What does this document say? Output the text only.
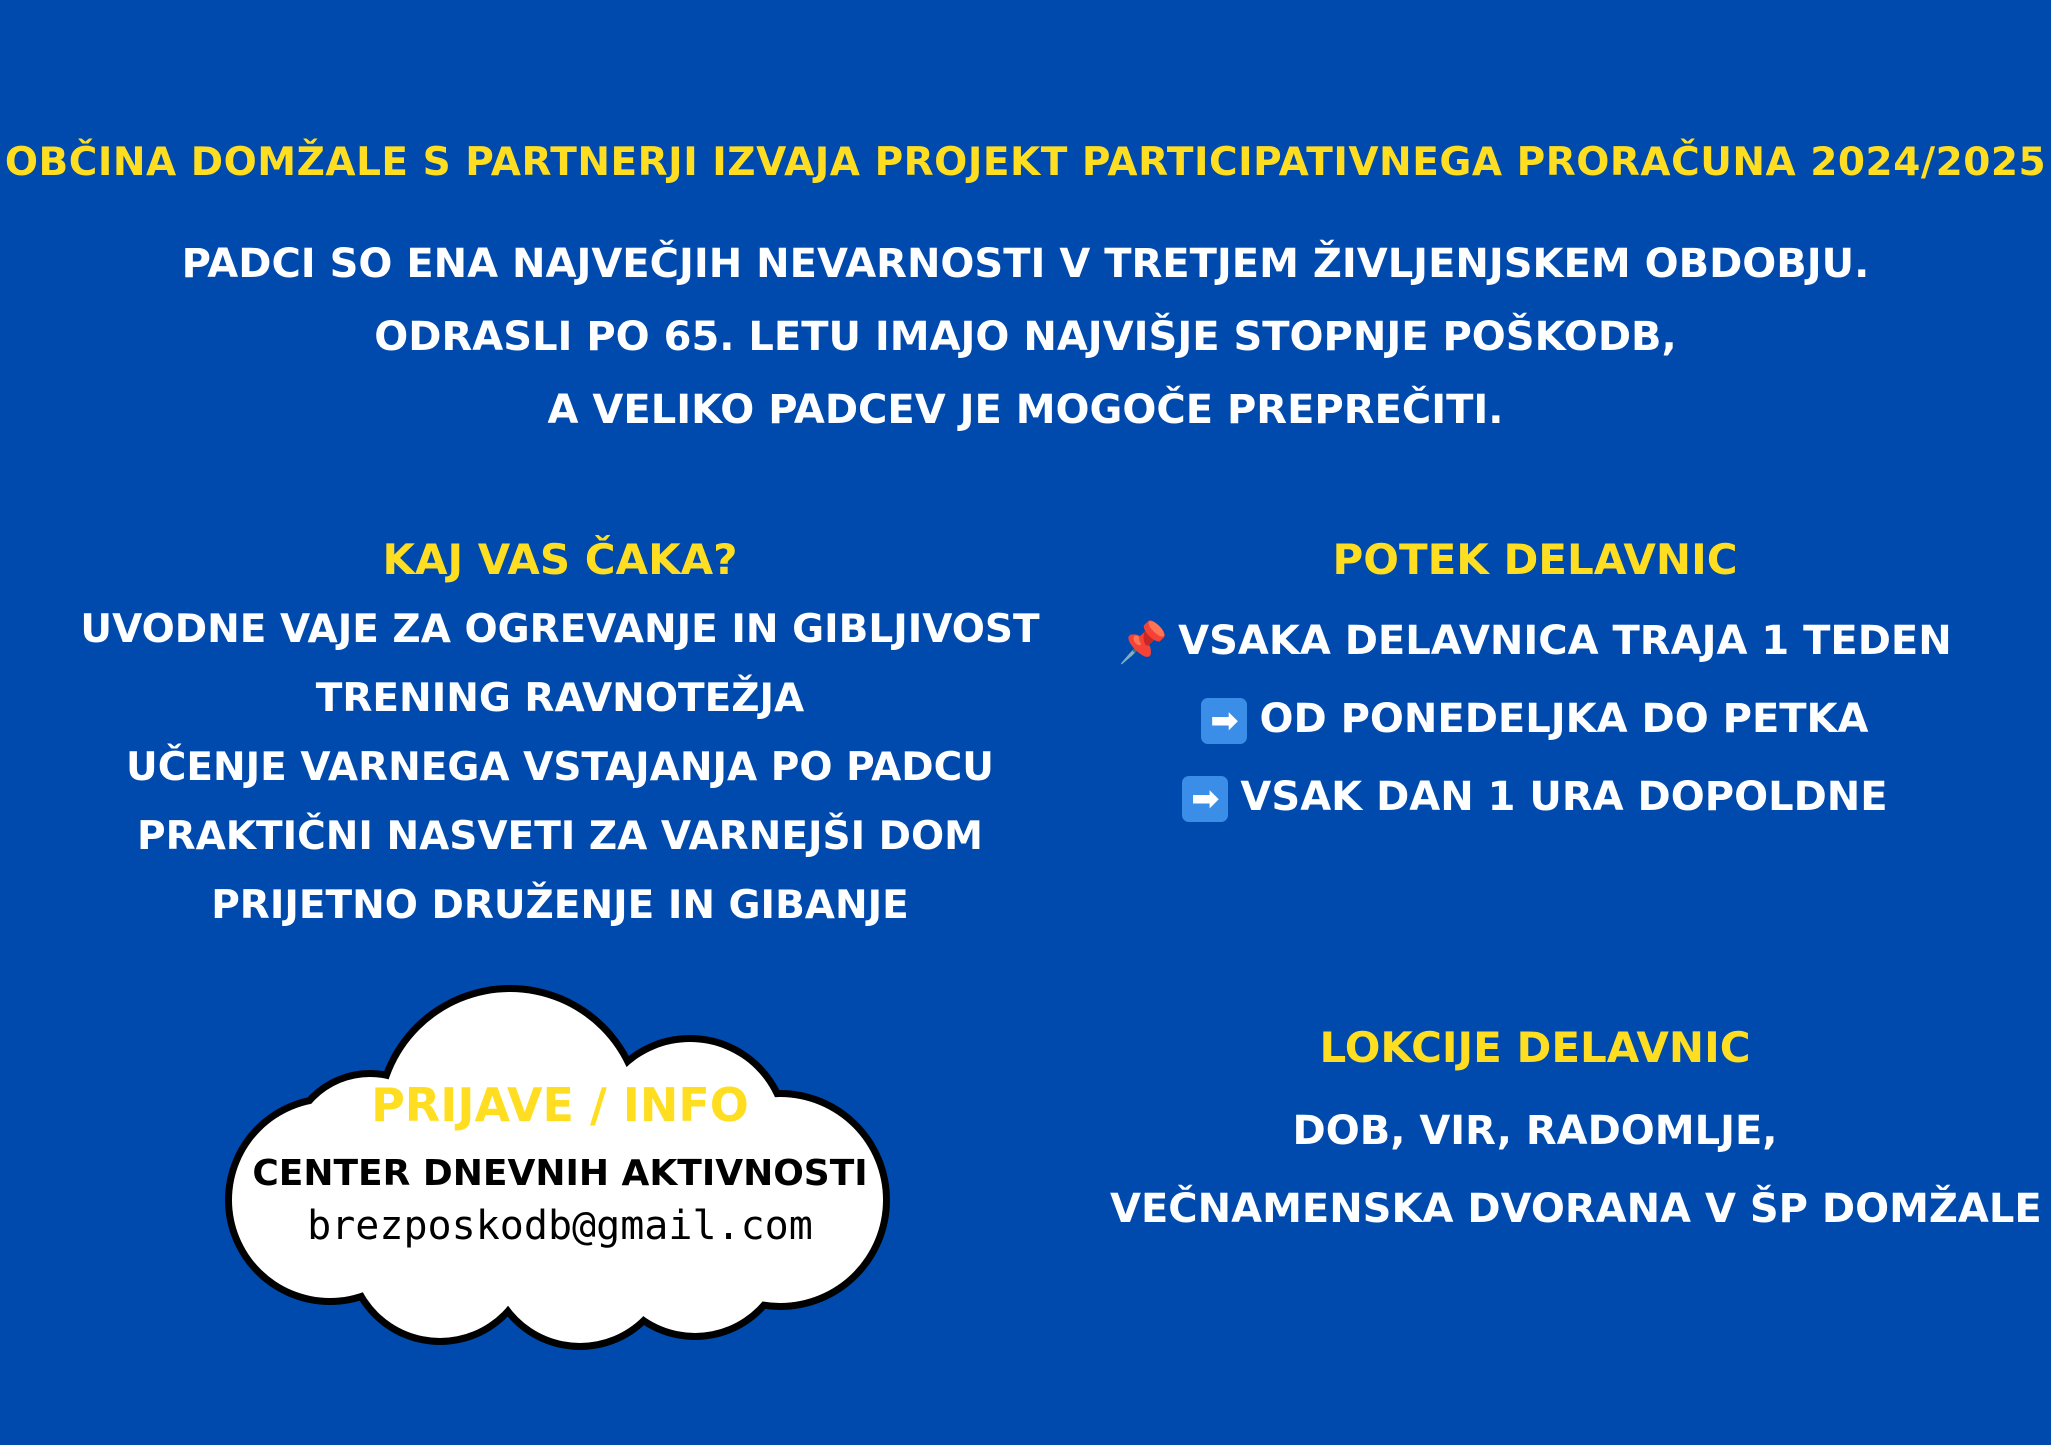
OBČINA DOMŽALE S PARTNERJI IZVAJA PROJEKT PARTICIPATIVNEGA PRORAČUNA 2024/2025
PADCI SO ENA NAJVEČJIH NEVARNOSTI V TRETJEM ŽIVLJENJSKEM OBDOBJU.
ODRASLI PO 65. LETU IMAJO NAJVIŠJE STOPNJE POŠKODB,
A VELIKO PADCEV JE MOGOČE PREPREČITI.
KAJ VAS ČAKA?
UVODNE VAJE ZA OGREVANJE IN GIBLJIVOST
TRENING RAVNOTEŽJA
UČENJE VARNEGA VSTAJANJA PO PADCU
PRAKTIČNI NASVETI ZA VARNEJŠI DOM
PRIJETNO DRUŽENJE IN GIBANJE
POTEK DELAVNIC
📌 VSAKA DELAVNICA TRAJA 1 TEDEN
➡ OD PONEDELJKA DO PETKA
➡ VSAK DAN 1 URA DOPOLDNE
LOKCIJE DELAVNIC
DOB, VIR, RADOMLJE,
VEČNAMENSKA DVORANA V ŠP DOMŽALE
PRIJAVE / INFO
CENTER DNEVNIH AKTIVNOSTI
brezposkodb@gmail.com
